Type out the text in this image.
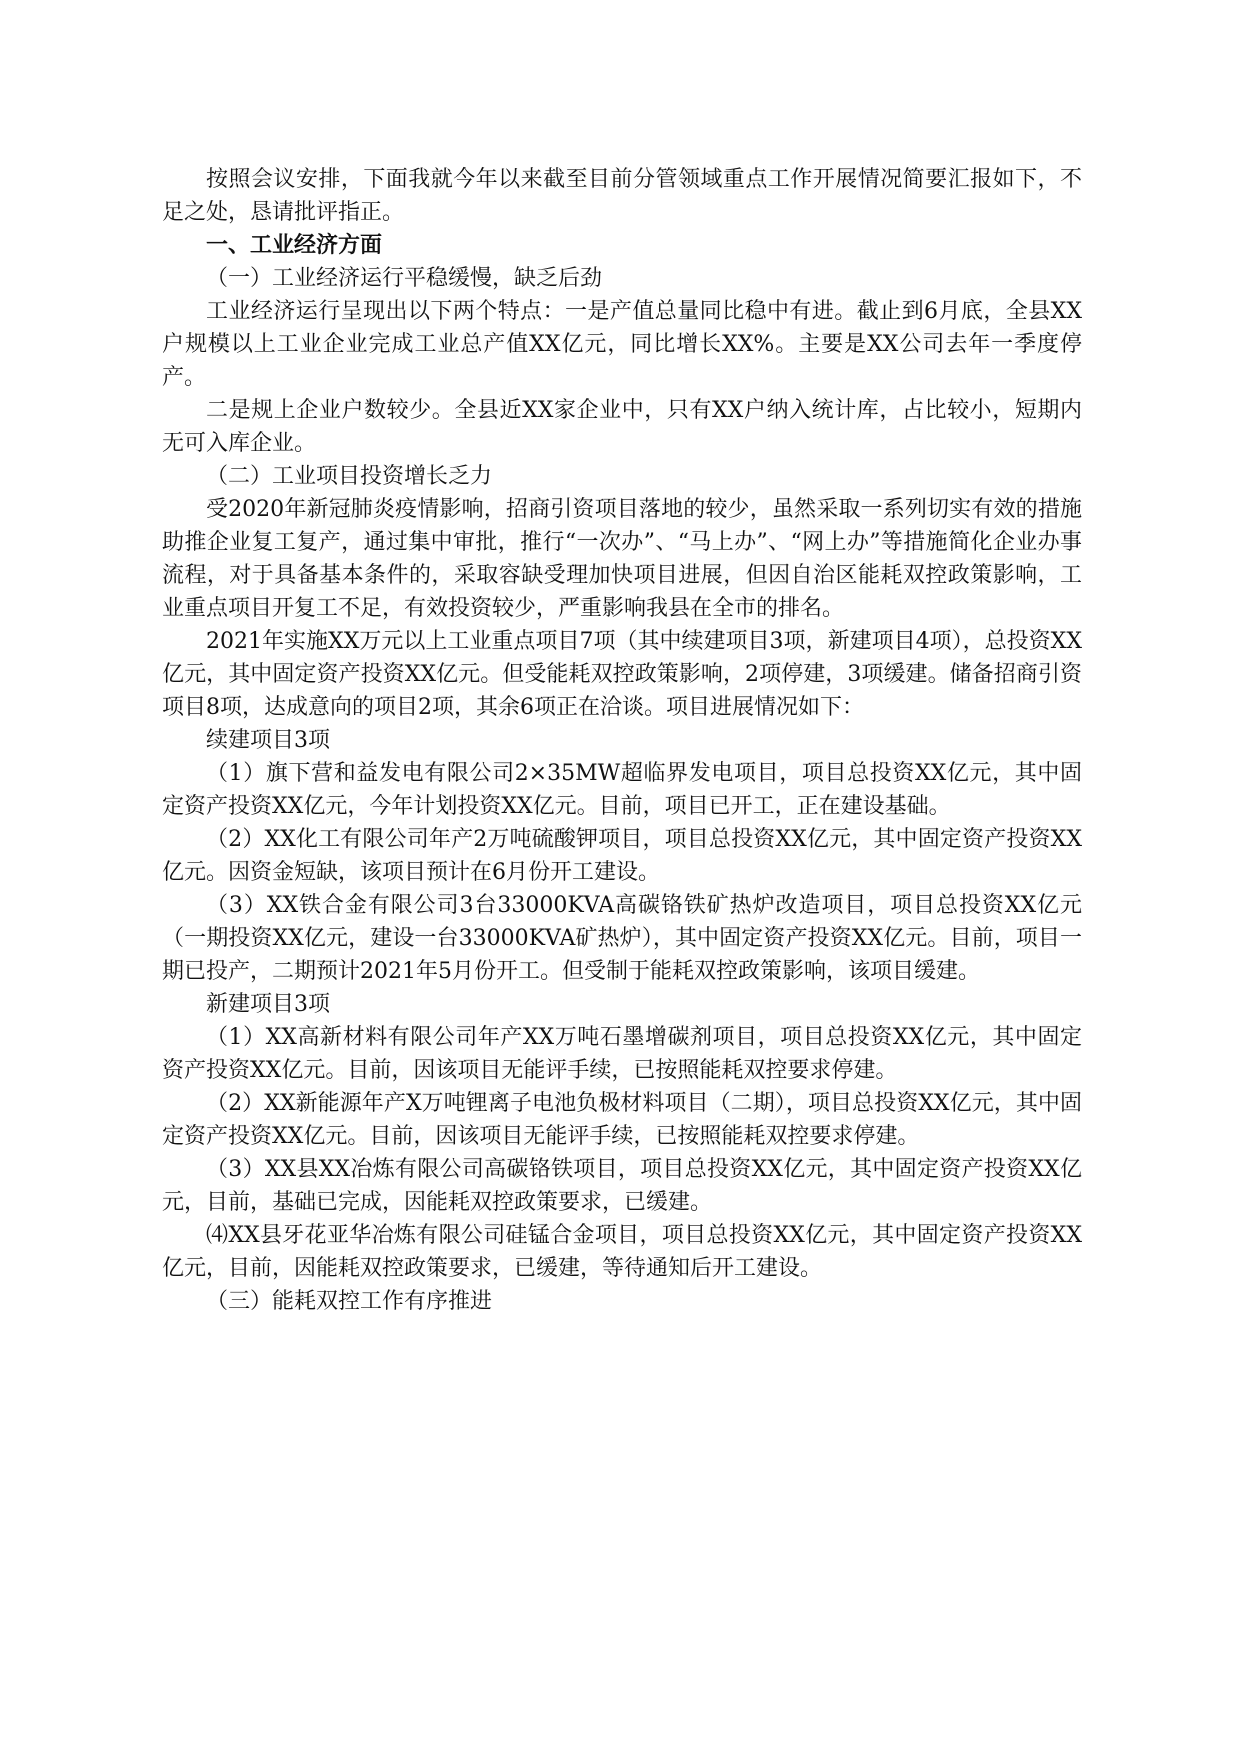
按照会议安排，下面我就今年以来截至目前分管领域重点工作开展情况简要汇报如下，不足之处，恳请批评指正。

一、工业经济方面

（一）工业经济运行平稳缓慢，缺乏后劲

工业经济运行呈现出以下两个特点：一是产值总量同比稳中有进。截止到6月底，全县XX户规模以上工业企业完成工业总产值XX亿元，同比增长XX%。主要是XX公司去年一季度停产。

二是规上企业户数较少。全县近XX家企业中，只有XX户纳入统计库，占比较小，短期内无可入库企业。

（二）工业项目投资增长乏力

受2020年新冠肺炎疫情影响，招商引资项目落地的较少，虽然采取一系列切实有效的措施助推企业复工复产，通过集中审批，推行“一次办”、“马上办”、“网上办”等措施简化企业办事流程，对于具备基本条件的，采取容缺受理加快项目进展，但因自治区能耗双控政策影响，工业重点项目开复工不足，有效投资较少，严重影响我县在全市的排名。

2021年实施XX万元以上工业重点项目7项（其中续建项目3项，新建项目4项），总投资XX亿元，其中固定资产投资XX亿元。但受能耗双控政策影响，2项停建，3项缓建。储备招商引资项目8项，达成意向的项目2项，其余6项正在洽谈。项目进展情况如下：

续建项目3项

（1）旗下营和益发电有限公司2×35MW超临界发电项目，项目总投资XX亿元，其中固定资产投资XX亿元，今年计划投资XX亿元。目前，项目已开工，正在建设基础。

（2）XX化工有限公司年产2万吨硫酸钾项目，项目总投资XX亿元，其中固定资产投资XX亿元。因资金短缺，该项目预计在6月份开工建设。

（3）XX铁合金有限公司3台33000KVA高碳铬铁矿热炉改造项目，项目总投资XX亿元（一期投资XX亿元，建设一台33000KVA矿热炉），其中固定资产投资XX亿元。目前，项目一期已投产，二期预计2021年5月份开工。但受制于能耗双控政策影响，该项目缓建。

新建项目3项

（1）XX高新材料有限公司年产XX万吨石墨增碳剂项目，项目总投资XX亿元，其中固定资产投资XX亿元。目前，因该项目无能评手续，已按照能耗双控要求停建。

（2）XX新能源年产X万吨锂离子电池负极材料项目（二期），项目总投资XX亿元，其中固定资产投资XX亿元。目前，因该项目无能评手续，已按照能耗双控要求停建。

（3）XX县XX冶炼有限公司高碳铬铁项目，项目总投资XX亿元，其中固定资产投资XX亿元，目前，基础已完成，因能耗双控政策要求，已缓建。

⑷XX县牙花亚华冶炼有限公司硅锰合金项目，项目总投资XX亿元，其中固定资产投资XX亿元，目前，因能耗双控政策要求，已缓建，等待通知后开工建设。

（三）能耗双控工作有序推进
